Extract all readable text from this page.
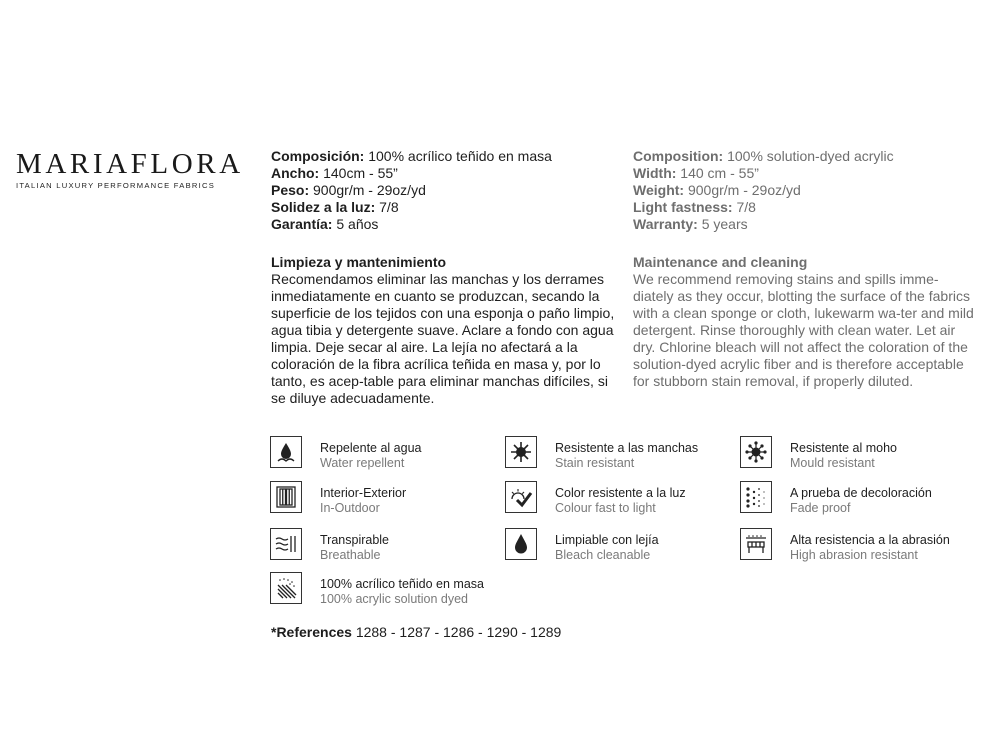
MARIAFLORA
ITALIAN LUXURY PERFORMANCE FABRICS
Composición: 100% acrílico teñido en masa
Ancho: 140cm - 55”
Peso: 900gr/m - 29oz/yd
Solidez a la luz: 7/8
Garantía: 5 años
Limpieza y mantenimiento
Recomendamos eliminar las manchas y los derrames inmediatamente en cuanto se produzcan, secando la superficie de los tejidos con una esponja o paño limpio, agua tibia y detergente suave. Aclare a fondo con agua limpia. Deje secar al aire. La lejía no afectará a la coloración de la fibra acrílica teñida en masa y, por lo tanto, es acep-table para eliminar manchas difíciles, si se diluye adecuadamente.
Composition: 100% solution-dyed acrylic
Width: 140 cm - 55”
Weight: 900gr/m - 29oz/yd
Light fastness: 7/8
Warranty: 5 years
Maintenance and cleaning
We recommend removing stains and spills imme-diately as they occur, blotting the surface of the fabrics with a clean sponge or cloth, lukewarm wa-ter and mild detergent. Rinse thoroughly with clean water. Let air dry. Chlorine bleach will not affect the coloration of the solution-dyed acrylic fiber and is therefore acceptable for stubborn stain removal, if properly diluted.
Repelente al agua
Water repellent
Resistente a las manchas
Stain resistant
Resistente al moho
Mould resistant
Interior-Exterior
In-Outdoor
Color resistente a la luz
Colour fast to light
A prueba de decoloración
Fade proof
Transpirable
Breathable
Limpiable con lejía
Bleach cleanable
Alta resistencia a la abrasión
High abrasion resistant
100% acrílico teñido en masa
100% acrylic solution dyed
*References 1288 - 1287 - 1286 - 1290 - 1289
